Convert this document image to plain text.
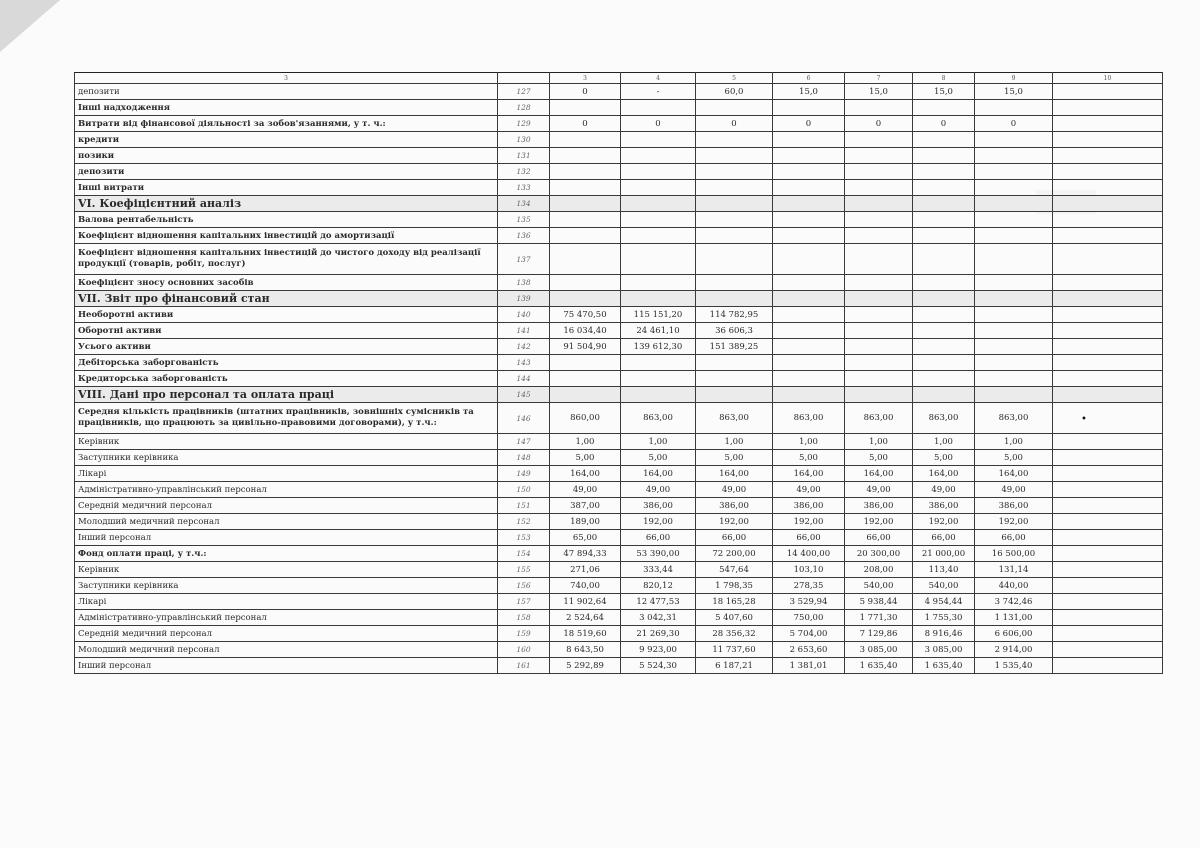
3		3	4	5	6	7	8	9	10
депозити	127	0	-	60,0	15,0	15,0	15,0	15,0	
Інші надходження	128								
Витрати від фінансової діяльності за зобов'язаннями, у т. ч.:	129	0	0	0	0	0	0	0	
кредити	130								
позики	131								
депозити	132								
Інші витрати	133								
VI. Коефіцієнтний аналіз	134								
Валова рентабельність	135								
Коефіцієнт відношення капітальних інвестицій до амортизації	136								
Коефіцієнт відношення капітальних інвестицій до чистого доходу від реалізації продукції (товарів, робіт, послуг)	137								
Коефіцієнт зносу основних засобів	138								
VII. Звіт про фінансовий стан	139								
Необоротні активи	140	75 470,50	115 151,20	114 782,95					
Оборотні активи	141	16 034,40	24 461,10	36 606,3					
Усього активи	142	91 504,90	139 612,30	151 389,25					
Дебіторська заборгованість	143								
Кредиторська заборгованість	144								
VIII. Дані про персонал та оплата праці	145								
Середня кількість працівників (штатних працівників, зовнішніх сумісників та працівників, що працюють за цивільно-правовими договорами), у т.ч.:	146	860,00	863,00	863,00	863,00	863,00	863,00	863,00	
Керівник	147	1,00	1,00	1,00	1,00	1,00	1,00	1,00	
Заступники керівника	148	5,00	5,00	5,00	5,00	5,00	5,00	5,00	
Лікарі	149	164,00	164,00	164,00	164,00	164,00	164,00	164,00	
Адміністративно-управлінський персонал	150	49,00	49,00	49,00	49,00	49,00	49,00	49,00	
Середній медичний персонал	151	387,00	386,00	386,00	386,00	386,00	386,00	386,00	
Молодший медичний персонал	152	189,00	192,00	192,00	192,00	192,00	192,00	192,00	
Інший персонал	153	65,00	66,00	66,00	66,00	66,00	66,00	66,00	
Фонд оплати праці, у т.ч.:	154	47 894,33	53 390,00	72 200,00	14 400,00	20 300,00	21 000,00	16 500,00	
Керівник	155	271,06	333,44	547,64	103,10	208,00	113,40	131,14	
Заступники керівника	156	740,00	820,12	1 798,35	278,35	540,00	540,00	440,00	
Лікарі	157	11 902,64	12 477,53	18 165,28	3 529,94	5 938,44	4 954,44	3 742,46	
Адміністративно-управлінський персонал	158	2 524,64	3 042,31	5 407,60	750,00	1 771,30	1 755,30	1 131,00	
Середній медичний персонал	159	18 519,60	21 269,30	28 356,32	5 704,00	7 129,86	8 916,46	6 606,00	
Молодший медичний персонал	160	8 643,50	9 923,00	11 737,60	2 653,60	3 085,00	3 085,00	2 914,00	
Інший персонал	161	5 292,89	5 524,30	6 187,21	1 381,01	1 635,40	1 635,40	1 535,40	
•
